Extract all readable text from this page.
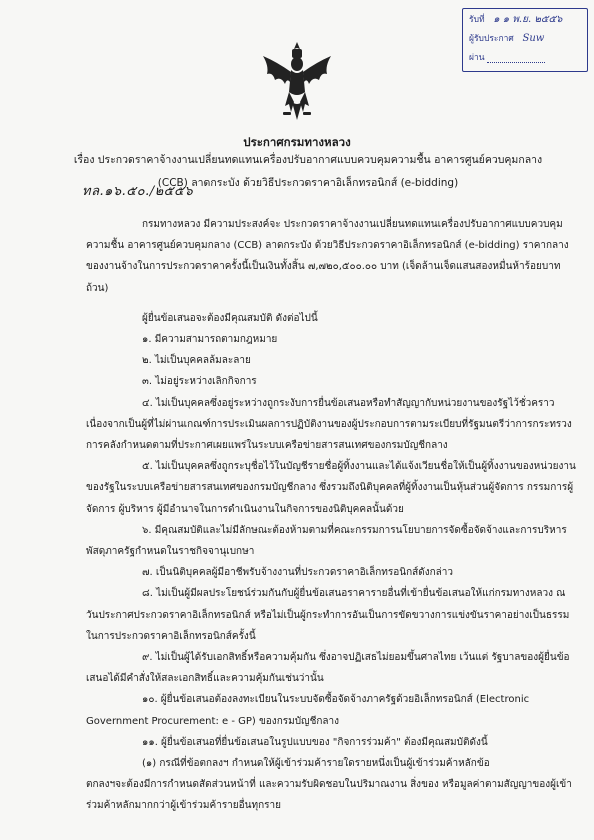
รับที่ ๑ ๑ พ.ย. ๒๕๕๖
ผู้รับประกาศ Suw
ผ่าน
ประกาศกรมทางหลวง
เรื่อง ประกวดราคาจ้างงานเปลี่ยนทดแทนเครื่องปรับอากาศแบบควบคุมความชื้น อาคารศูนย์ควบคุมกลาง
(CCB) ลาดกระบัง ด้วยวิธีประกวดราคาอิเล็กทรอนิกส์ (e-bidding)
ทล.๑๖.๕๐./๒๕๕๖

กรมทางหลวง มีความประสงค์จะ ประกวดราคาจ้างงานเปลี่ยนทดแทนเครื่องปรับอากาศแบบควบคุม

ความชื้น อาคารศูนย์ควบคุมกลาง (CCB) ลาดกระบัง ด้วยวิธีประกวดราคาอิเล็กทรอนิกส์ (e-bidding) ราคากลาง

ของงานจ้างในการประกวดราคาครั้งนี้เป็นเงินทั้งสิ้น ๗,๗๒๐,๕๐๐.๐๐ บาท (เจ็ดล้านเจ็ดแสนสองหมื่นห้าร้อยบาท

ถ้วน)

ผู้ยื่นข้อเสนอจะต้องมีคุณสมบัติ ดังต่อไปนี้

๑. มีความสามารถตามกฎหมาย

๒. ไม่เป็นบุคคลล้มละลาย

๓. ไม่อยู่ระหว่างเลิกกิจการ

๔. ไม่เป็นบุคคลซึ่งอยู่ระหว่างถูกระงับการยื่นข้อเสนอหรือทำสัญญากับหน่วยงานของรัฐไว้ชั่วคราว

เนื่องจากเป็นผู้ที่ไม่ผ่านเกณฑ์การประเมินผลการปฏิบัติงานของผู้ประกอบการตามระเบียบที่รัฐมนตรีว่าการกระทรวง

การคลังกำหนดตามที่ประกาศเผยแพร่ในระบบเครือข่ายสารสนเทศของกรมบัญชีกลาง

๕. ไม่เป็นบุคคลซึ่งถูกระบุชื่อไว้ในบัญชีรายชื่อผู้ทิ้งงานและได้แจ้งเวียนชื่อให้เป็นผู้ทิ้งงานของหน่วยงาน

ของรัฐในระบบเครือข่ายสารสนเทศของกรมบัญชีกลาง ซึ่งรวมถึงนิติบุคคลที่ผู้ทิ้งงานเป็นหุ้นส่วนผู้จัดการ กรรมการผู้

จัดการ ผู้บริหาร ผู้มีอำนาจในการดำเนินงานในกิจการของนิติบุคคลนั้นด้วย

๖. มีคุณสมบัติและไม่มีลักษณะต้องห้ามตามที่คณะกรรมการนโยบายการจัดซื้อจัดจ้างและการบริหาร

พัสดุภาครัฐกำหนดในราชกิจจานุเบกษา

๗. เป็นนิติบุคคลผู้มีอาชีพรับจ้างงานที่ประกวดราคาอิเล็กทรอนิกส์ดังกล่าว

๘. ไม่เป็นผู้มีผลประโยชน์ร่วมกันกับผู้ยื่นข้อเสนอราคารายอื่นที่เข้ายื่นข้อเสนอให้แก่กรมทางหลวง ณ

วันประกาศประกวดราคาอิเล็กทรอนิกส์ หรือไม่เป็นผู้กระทำการอันเป็นการขัดขวางการแข่งขันราคาอย่างเป็นธรรม

ในการประกวดราคาอิเล็กทรอนิกส์ครั้งนี้

๙. ไม่เป็นผู้ได้รับเอกสิทธิ์หรือความคุ้มกัน ซึ่งอาจปฏิเสธไม่ยอมขึ้นศาลไทย เว้นแต่ รัฐบาลของผู้ยื่นข้อ

เสนอได้มีคำสั่งให้สละเอกสิทธิ์และความคุ้มกันเช่นว่านั้น

๑๐. ผู้ยื่นข้อเสนอต้องลงทะเบียนในระบบจัดซื้อจัดจ้างภาครัฐด้วยอิเล็กทรอนิกส์ (Electronic

Government Procurement: e - GP) ของกรมบัญชีกลาง

๑๑. ผู้ยื่นข้อเสนอที่ยื่นข้อเสนอในรูปแบบของ "กิจการร่วมค้า" ต้องมีคุณสมบัติดังนี้

(๑) กรณีที่ข้อตกลงฯ กำหนดให้ผู้เข้าร่วมค้ารายใดรายหนึ่งเป็นผู้เข้าร่วมค้าหลักข้อ

ตกลงฯจะต้องมีการกำหนดสัดส่วนหน้าที่ และความรับผิดชอบในปริมาณงาน สิ่งของ หรือมูลค่าตามสัญญาของผู้เข้า

ร่วมค้าหลักมากกว่าผู้เข้าร่วมค้ารายอื่นทุกราย
